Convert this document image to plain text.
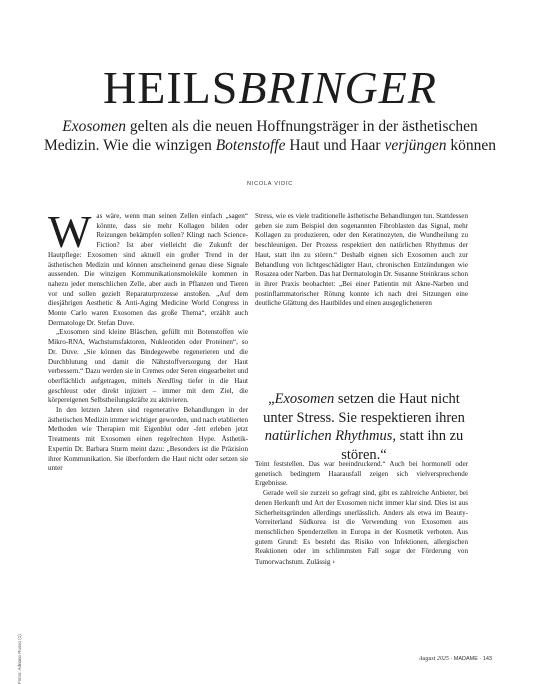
HEILSBRINGER
Exosomen gelten als die neuen Hoffnungsträger in der ästhetischen Medizin. Wie die winzigen Botenstoffe Haut und Haar verjüngen können
NICOLA VIDIC

Was wäre, wenn man seinen Zellen einfach „sagen“ könnte, dass sie mehr Kollagen bilden oder Reizungen bekämpfen sollen? Klingt nach Science-Fiction? Ist aber vielleicht die Zukunft der Hautpflege: Exosomen sind aktuell ein großer Trend in der ästhetischen Medizin und können anscheinend genau diese Signale aussenden. Die winzigen Kommunikationsmoleküle kommen in nahezu jeder menschlichen Zelle, aber auch in Pflanzen und Tieren vor und sollen gezielt Reparaturprozesse anstoßen. „Auf dem diesjährigen Aesthetic & Anti-Aging Medicine World Congress in Monte Carlo waren Exosomen das große Thema“, erzählt auch Dermatologe Dr. Stefan Duve.

„Exosomen sind kleine Bläschen, gefüllt mit Botenstoffen wie Mikro-RNA, Wachstumsfaktoren, Nukleotiden oder Proteinen“, so Dr. Duve. „Sie können das Bindegewebe regenerieren und die Durchblutung und damit die Nährstoffversorgung der Haut verbessern.“ Dazu werden sie in Cremes oder Seren eingearbeitet und oberflächlich aufgetragen, mittels Needling tiefer in die Haut geschleust oder direkt injiziert – immer mit dem Ziel, die körpereigenen Selbstheilungskräfte zu aktivieren.

In den letzten Jahren sind regenerative Behandlungen in der ästhetischen Medizin immer wichtiger geworden, und nach etablierten Methoden wie Therapien mit Eigenblut oder -fett erleben jetzt Treatments mit Exosomen einen regelrechten Hype. Ästhetik-Expertin Dr. Barbara Sturm meint dazu: „Besonders ist die Präzision ihrer Kommunikation. Sie überfordern die Haut nicht oder setzen sie unter

Stress, wie es viele traditionelle ästhetische Behandlungen tun. Stattdessen geben sie zum Beispiel den sogenannten Fibroblasten das Signal, mehr Kollagen zu produzieren, oder den Keratinozyten, die Wundheilung zu beschleunigen. Der Prozess respektiert den natürlichen Rhythmus der Haut, statt ihn zu stören.“ Deshalb eignen sich Exosomen auch zur Behandlung von lichtgeschädigter Haut, chronischen Entzündungen wie Rosazea oder Narben. Das hat Dermatologin Dr. Susanne Steinkraus schon in ihrer Praxis beobachtet: „Bei einer Patientin mit Akne-Narben und postinflammatorischer Rötung konnte ich nach drei Sitzungen eine deutliche Glättung des Hautbildes und einen ausgeglicheneren

„Exosomen setzen die Haut nicht unter Stress. Sie respektieren ihren natürlichen Rhythmus, statt ihn zu stören.“

Teint feststellen. Das war beeindruckend.“ Auch bei hormonell oder genetisch bedingtem Haarausfall zeigen sich vielversprechende Ergebnisse.

Gerade weil sie zurzeit so gefragt sind, gibt es zahlreiche Anbieter, bei denen Herkunft und Art der Exosomen nicht immer klar sind. Dies ist aus Sicherheitsgründen allerdings unerlässlich. Anders als etwa im Beauty-Vorreiterland Südkorea ist die Verwendung von Exosomen aus menschlichen Spenderzellen in Europa in der Kosmetik verboten. Aus gutem Grund: Es besteht das Risiko von Infektionen, allergischen Reaktionen oder im schlimmsten Fall sogar der Förderung von Tumorwachstum. Zulässig ›

Fotos: Adriano Russo (1)	August 2025 · MADAME · 143
